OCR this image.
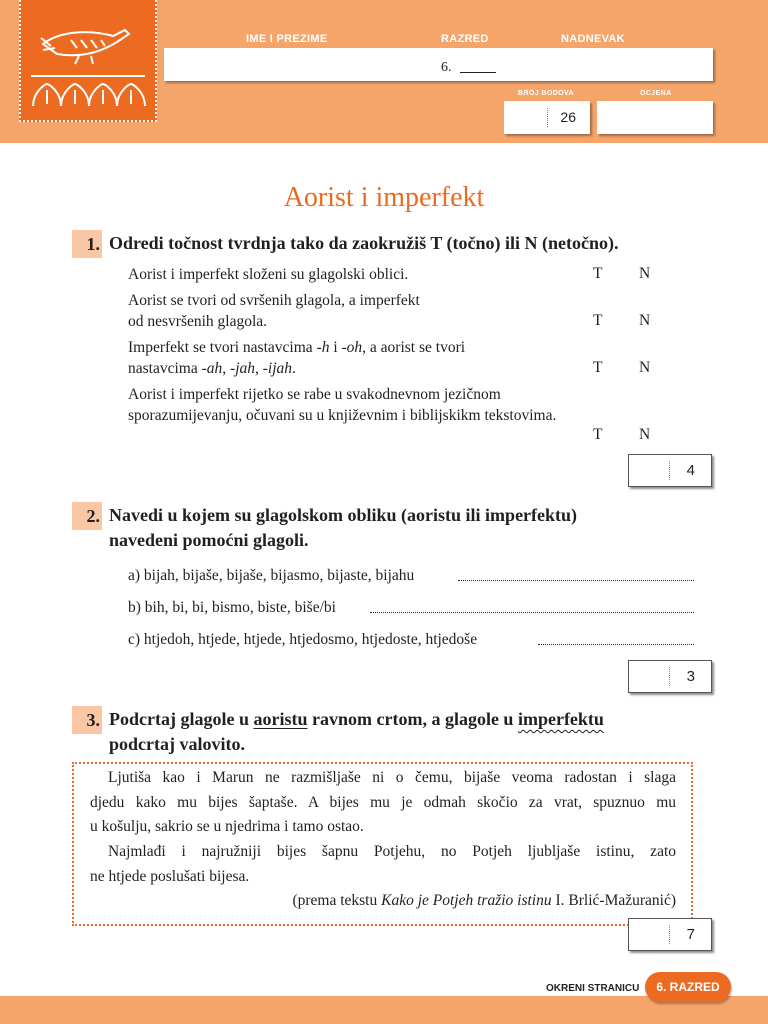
IME I PREZIME	RAZRED	NADNEVAK
6.
BROJ BODOVA	OCJENA
26
Aorist i imperfekt
1. Odredi točnost tvrdnja tako da zaokružiš T (točno) ili N (netočno).
Aorist i imperfekt složeni su glagolski oblici.	T N
Aorist se tvori od svršenih glagola, a imperfekt
od nesvršenih glagola.	T N
Imperfekt se tvori nastavcima -h i -oh, a aorist se tvori
nastavcima -ah, -jah, -ijah.	T N
Aorist i imperfekt rijetko se rabe u svakodnevnom jezičnom
sporazumijevanju, očuvani su u književnim i biblijskikm tekstovima.
T N
4
2. Navedi u kojem su glagolskom obliku (aoristu ili imperfektu)
navedeni pomoćni glagoli.
a) bijah, bijaše, bijaše, bijasmo, bijaste, bijahu
b) bih, bi, bi, bismo, biste, biše/bi
c) htjedoh, htjede, htjede, htjedosmo, htjedoste, htjedoše
3
3. Podcrtaj glagole u aoristu ravnom crtom, a glagole u imperfektu
podcrtaj valovito.
Ljutiša kao i Marun ne razmišljaše ni o čemu, bijaše veoma radostan i slaga
djedu kako mu bijes šaptaše. A bijes mu je odmah skočio za vrat, spuznuo mu
u košulju, sakrio se u njedrima i tamo ostao.
Najmlađi i najružniji bijes šapnu Potjehu, no Potjeh ljubljaše istinu, zato
ne htjede poslušati bijesa.
(prema tekstu Kako je Potjeh tražio istinu I. Brlić-Mažuranić)
7
OKRENI STRANICU	6. RAZRED
